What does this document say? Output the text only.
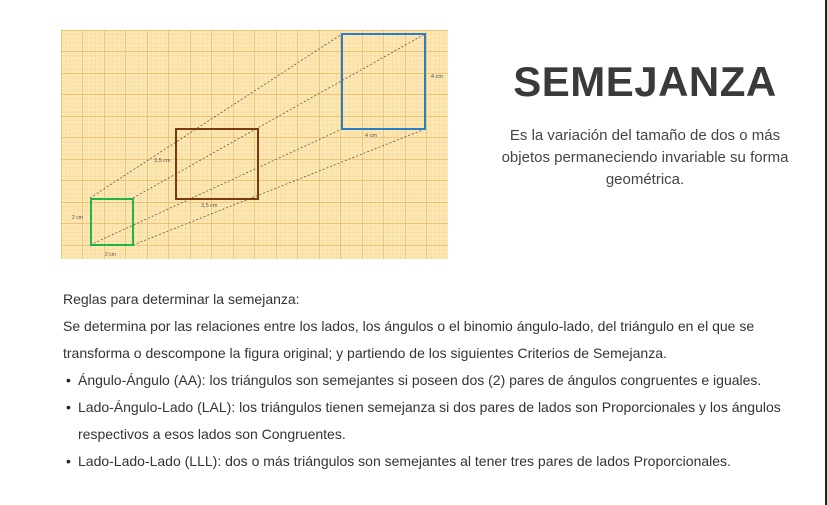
4 cm
4 cm
3,5 cm
3,5 cm
2 cm
2 cm
SEMEJANZA
Es la variación del tamaño de dos o más objetos permaneciendo invariable su forma geométrica.

Reglas para determinar la semejanza:

Se determina por las relaciones entre los lados, los ángulos o el binomio ángulo-lado, del triángulo en el que se transforma o descompone la figura original; y partiendo de los siguientes Criterios de Semejanza.

• Ángulo-Ángulo (AA): los triángulos son semejantes si poseen dos (2) pares de ángulos congruentes e iguales.
• Lado-Ángulo-Lado (LAL): los triángulos tienen semejanza si dos pares de lados son Proporcionales y los ángulos respectivos a esos lados son Congruentes.
• Lado-Lado-Lado (LLL): dos o más triángulos son semejantes al tener tres pares de lados Proporcionales.
